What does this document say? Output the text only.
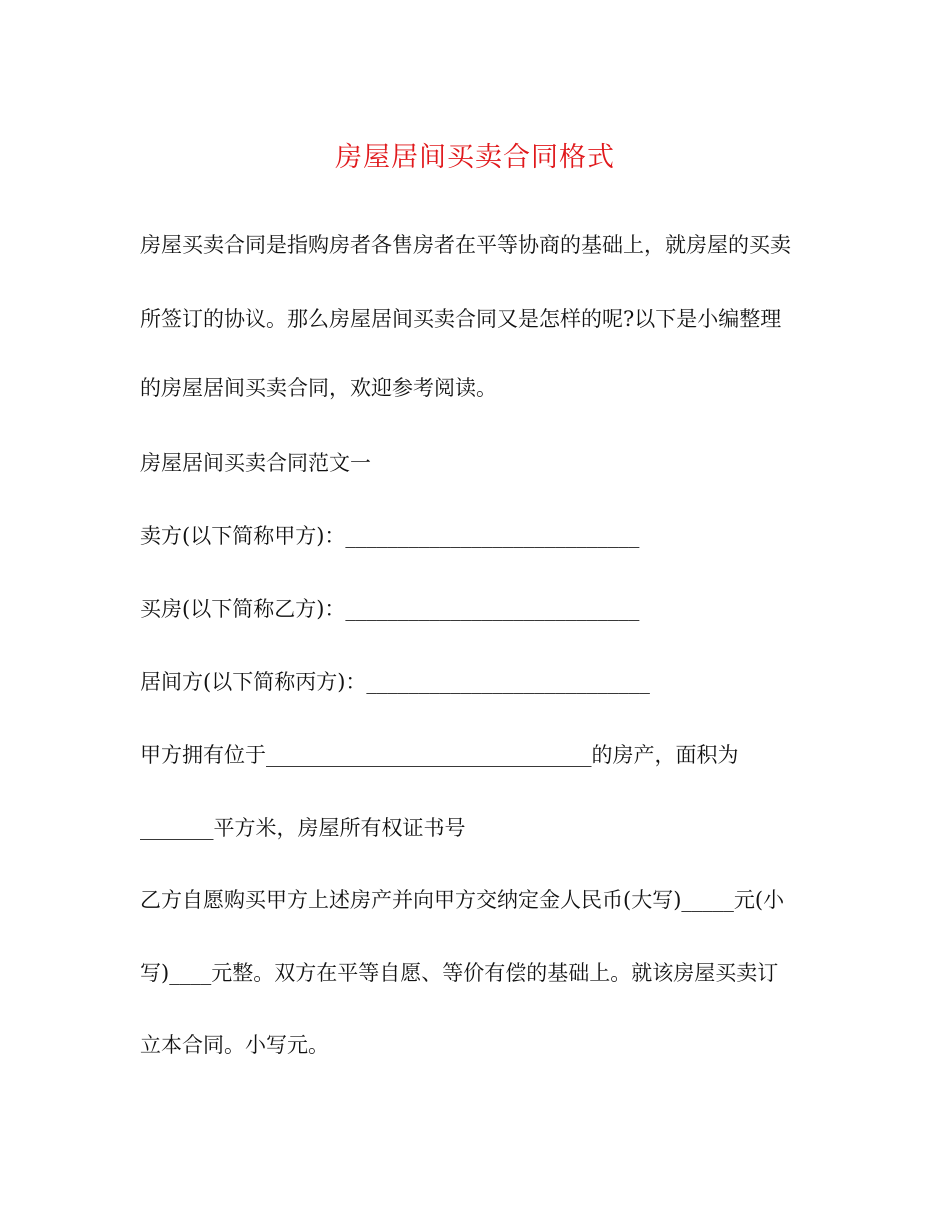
房屋居间买卖合同格式
房屋买卖合同是指购房者各售房者在平等协商的基础上，就房屋的买卖
所签订的协议。那么房屋居间买卖合同又是怎样的呢?以下是小编整理
的房屋居间买卖合同，欢迎参考阅读。
房屋居间买卖合同范文一
卖方(以下简称甲方)：____________________________
买房(以下简称乙方)：____________________________
居间方(以下简称丙方)：___________________________
甲方拥有位于_______________________________的房产，面积为
_______平方米，房屋所有权证书号
乙方自愿购买甲方上述房产并向甲方交纳定金人民币(大写)_____元(小
写)____元整。双方在平等自愿、等价有偿的基础上。就该房屋买卖订
立本合同。小写元。
